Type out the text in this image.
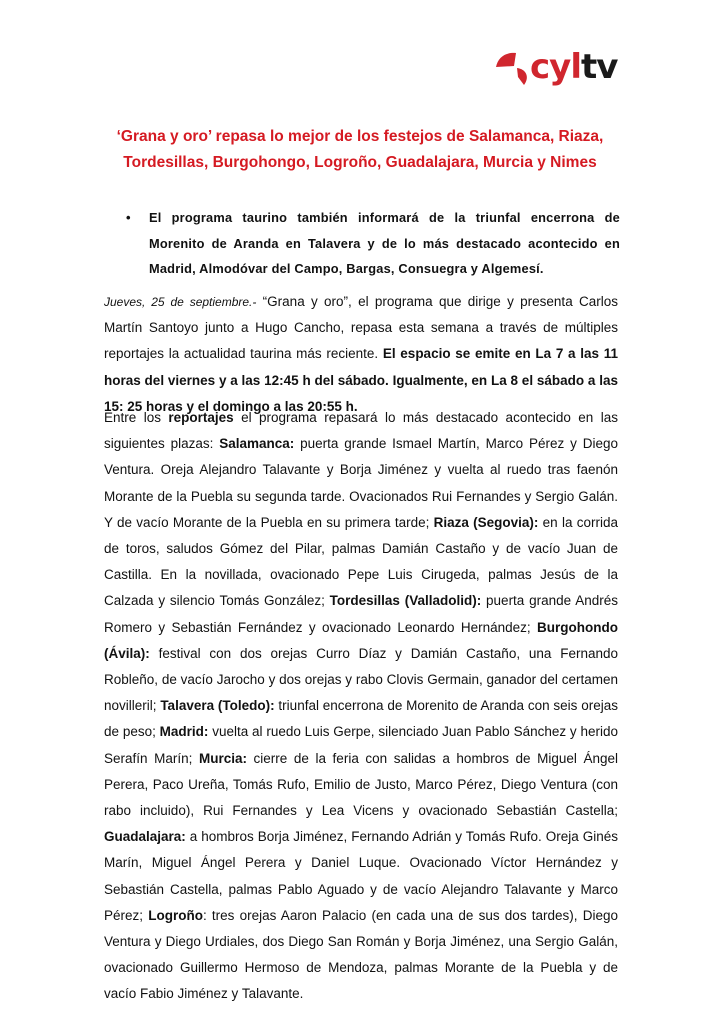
cyltv
‘Grana y oro’ repasa lo mejor de los festejos de Salamanca, Riaza,
Tordesillas, Burgohongo, Logroño, Guadalajara, Murcia y Nimes
• El programa taurino también informará de la triunfal encerrona de Morenito de Aranda en Talavera y de lo más destacado acontecido en Madrid, Almodóvar del Campo, Bargas, Consuegra y Algemesí.
Jueves, 25 de septiembre.- “Grana y oro”, el programa que dirige y presenta Carlos Martín Santoyo junto a Hugo Cancho, repasa esta semana a través de múltiples reportajes la actualidad taurina más reciente. El espacio se emite en La 7 a las 11 horas del viernes y a las 12:45 h del sábado. Igualmente, en La 8 el sábado a las 15: 25 horas y el domingo a las 20:55 h.
Entre los reportajes el programa repasará lo más destacado acontecido en las siguientes plazas: Salamanca: puerta grande Ismael Martín, Marco Pérez y Diego Ventura. Oreja Alejandro Talavante y Borja Jiménez y vuelta al ruedo tras faenón Morante de la Puebla su segunda tarde. Ovacionados Rui Fernandes y Sergio Galán. Y de vacío Morante de la Puebla en su primera tarde; Riaza (Segovia): en la corrida de toros, saludos Gómez del Pilar, palmas Damián Castaño y de vacío Juan de Castilla. En la novillada, ovacionado Pepe Luis Cirugeda, palmas Jesús de la Calzada y silencio Tomás González; Tordesillas (Valladolid): puerta grande Andrés Romero y Sebastián Fernández y ovacionado Leonardo Hernández; Burgohondo (Ávila): festival con dos orejas Curro Díaz y Damián Castaño, una Fernando Robleño, de vacío Jarocho y dos orejas y rabo Clovis Germain, ganador del certamen novilleril; Talavera (Toledo): triunfal encerrona de Morenito de Aranda con seis orejas de peso; Madrid: vuelta al ruedo Luis Gerpe, silenciado Juan Pablo Sánchez y herido Serafín Marín; Murcia: cierre de la feria con salidas a hombros de Miguel Ángel Perera, Paco Ureña, Tomás Rufo, Emilio de Justo, Marco Pérez, Diego Ventura (con rabo incluido), Rui Fernandes y Lea Vicens y ovacionado Sebastián Castella; Guadalajara: a hombros Borja Jiménez, Fernando Adrián y Tomás Rufo. Oreja Ginés Marín, Miguel Ángel Perera y Daniel Luque. Ovacionado Víctor Hernández y Sebastián Castella, palmas Pablo Aguado y de vacío Alejandro Talavante y Marco Pérez; Logroño: tres orejas Aaron Palacio (en cada una de sus dos tardes), Diego Ventura y Diego Urdiales, dos Diego San Román y Borja Jiménez, una Sergio Galán, ovacionado Guillermo Hermoso de Mendoza, palmas Morante de la Puebla y de vacío Fabio Jiménez y Talavante.
